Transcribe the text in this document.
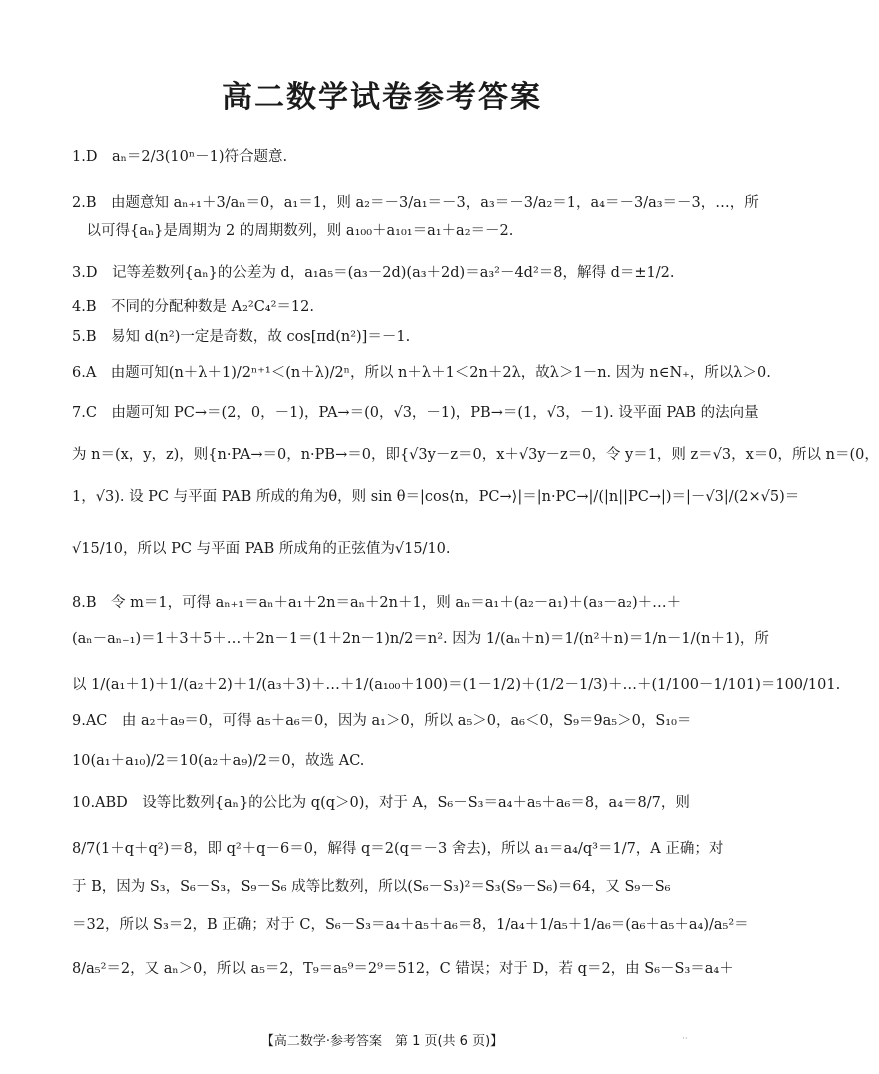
高二数学试卷参考答案
1.D　aₙ＝2/3(10ⁿ－1)符合题意.
2.B　由题意知 aₙ₊₁＋3/aₙ＝0，a₁＝1，则 a₂＝－3/a₁＝－3，a₃＝－3/a₂＝1，a₄＝－3/a₃＝－3，…，所
　以可得{aₙ}是周期为 2 的周期数列，则 a₁₀₀＋a₁₀₁＝a₁＋a₂＝－2.
3.D　记等差数列{aₙ}的公差为 d，a₁a₅＝(a₃－2d)(a₃＋2d)＝a₃²－4d²＝8，解得 d＝±1/2.
4.B　不同的分配种数是 A₂²C₄²＝12.
5.B　易知 d(n²)一定是奇数，故 cos[πd(n²)]＝－1.
6.A　由题可知(n＋λ＋1)/2ⁿ⁺¹＜(n＋λ)/2ⁿ，所以 n＋λ＋1＜2n＋2λ，故λ＞1－n. 因为 n∈N₊，所以λ＞0.
7.C　由题可知 PC→＝(2，0，－1)，PA→＝(0，√3，－1)，PB→＝(1，√3，－1). 设平面 PAB 的法向量
为 n＝(x，y，z)，则{n·PA→＝0，n·PB→＝0，即{√3y－z＝0，x＋√3y－z＝0，令 y＝1，则 z＝√3，x＝0，所以 n＝(0，
1，√3). 设 PC 与平面 PAB 所成的角为θ，则 sin θ＝|cos⟨n，PC→⟩|＝|n·PC→|/(|n||PC→|)＝|－√3|/(2×√5)＝
√15/10，所以 PC 与平面 PAB 所成角的正弦值为√15/10.
8.B　令 m＝1，可得 aₙ₊₁＝aₙ＋a₁＋2n＝aₙ＋2n＋1，则 aₙ＝a₁＋(a₂－a₁)＋(a₃－a₂)＋…＋
(aₙ－aₙ₋₁)＝1＋3＋5＋…＋2n－1＝(1＋2n－1)n/2＝n². 因为 1/(aₙ＋n)＝1/(n²＋n)＝1/n－1/(n＋1)，所
以 1/(a₁＋1)＋1/(a₂＋2)＋1/(a₃＋3)＋…＋1/(a₁₀₀＋100)＝(1－1/2)＋(1/2－1/3)＋…＋(1/100－1/101)＝100/101.
9.AC　由 a₂＋a₉＝0，可得 a₅＋a₆＝0，因为 a₁＞0，所以 a₅＞0，a₆＜0，S₉＝9a₅＞0，S₁₀＝
10(a₁＋a₁₀)/2＝10(a₂＋a₉)/2＝0，故选 AC.
10.ABD　设等比数列{aₙ}的公比为 q(q＞0)，对于 A，S₆－S₃＝a₄＋a₅＋a₆＝8，a₄＝8/7，则
8/7(1＋q＋q²)＝8，即 q²＋q－6＝0，解得 q＝2(q＝－3 舍去)，所以 a₁＝a₄/q³＝1/7，A 正确；对
于 B，因为 S₃，S₆－S₃，S₉－S₆ 成等比数列，所以(S₆－S₃)²＝S₃(S₉－S₆)＝64，又 S₉－S₆
＝32，所以 S₃＝2，B 正确；对于 C，S₆－S₃＝a₄＋a₅＋a₆＝8，1/a₄＋1/a₅＋1/a₆＝(a₆＋a₅＋a₄)/a₅²＝
8/a₅²＝2，又 aₙ＞0，所以 a₅＝2，T₉＝a₅⁹＝2⁹＝512，C 错误；对于 D，若 q＝2，由 S₆－S₃＝a₄＋
【高二数学·参考答案　第 1 页(共 6 页)】	··
